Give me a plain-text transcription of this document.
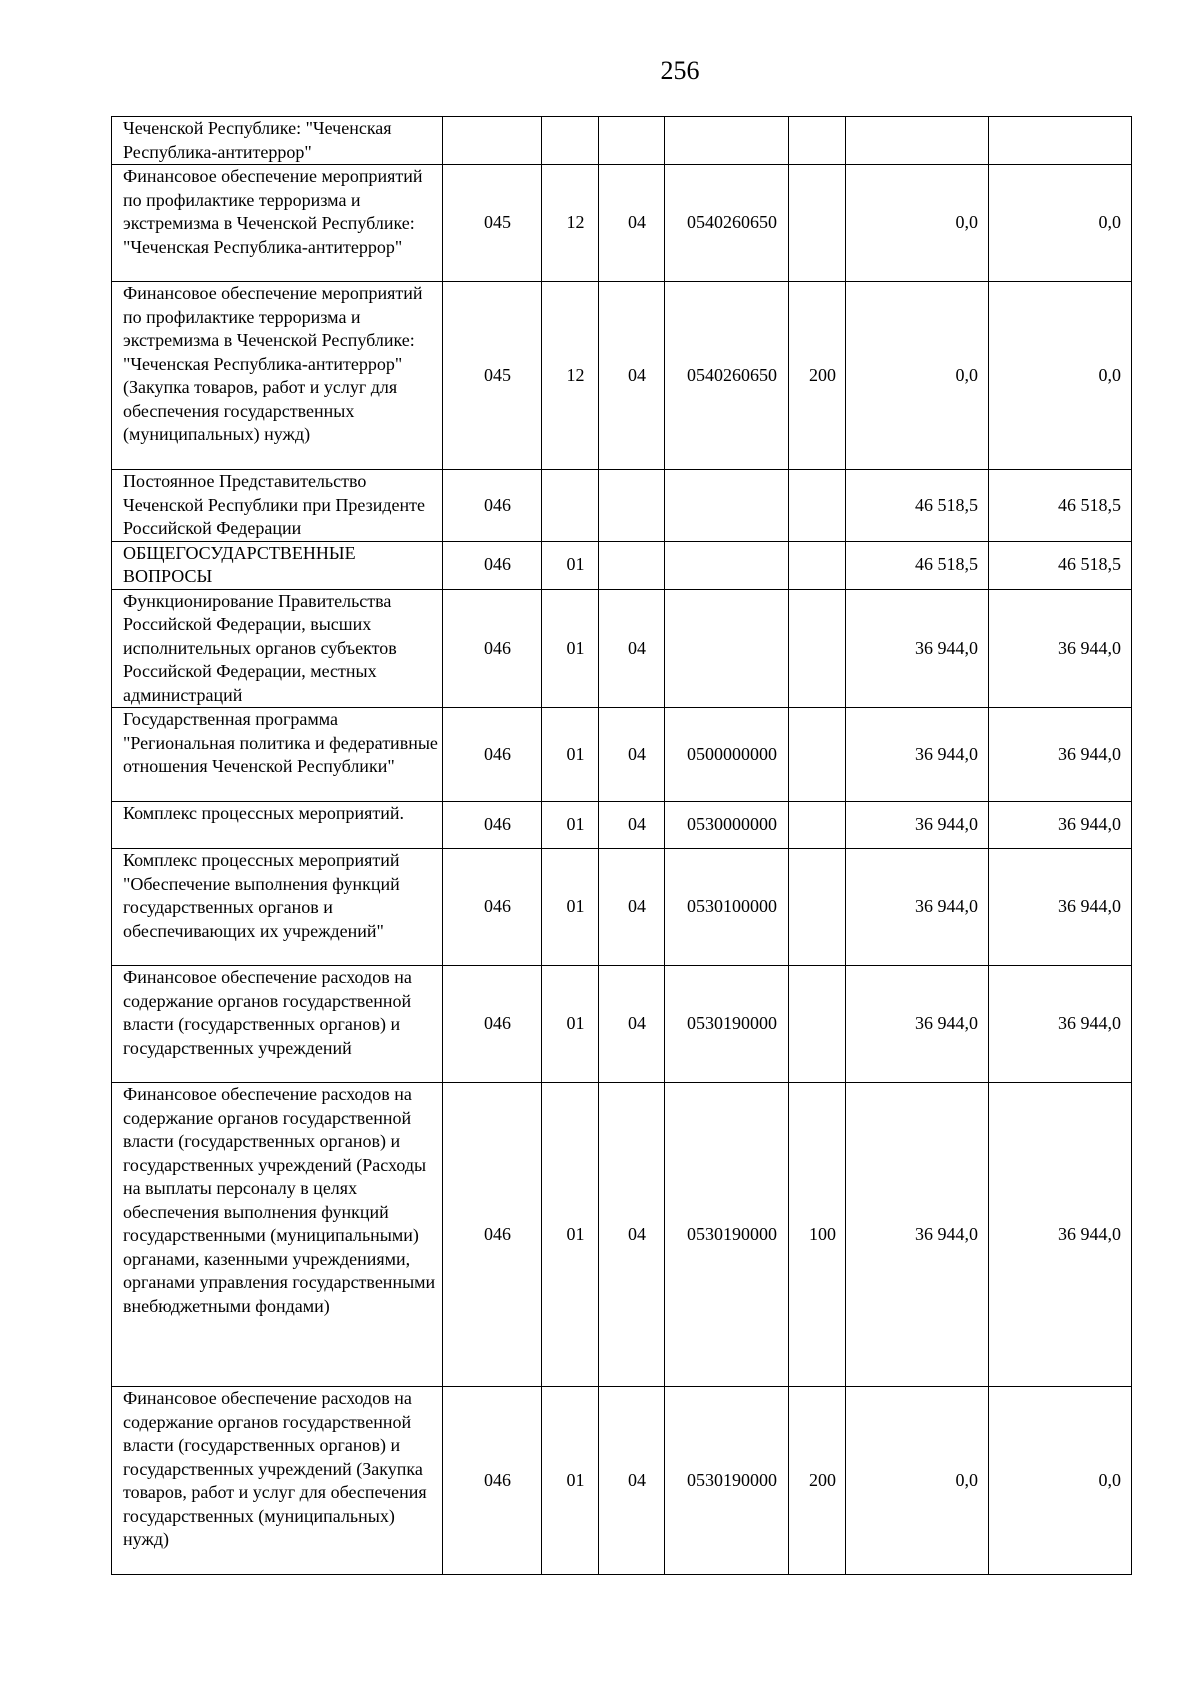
256
Чеченской Республике: "Чеченская Республика-антитеррор"							
Финансовое обеспечение мероприятий по профилактике терроризма и экстремизма в Чеченской Республике: "Чеченская Республика-антитеррор"	045	12	04	0540260650		0,0	0,0
Финансовое обеспечение мероприятий по профилактике терроризма и экстремизма в Чеченской Республике: "Чеченская Республика-антитеррор" (Закупка товаров, работ и услуг для обеспечения государственных (муниципальных) нужд)	045	12	04	0540260650	200	0,0	0,0
Постоянное Представительство Чеченской Республики при Президенте Российской Федерации	046					46 518,5	46 518,5
ОБЩЕГОСУДАРСТВЕННЫЕ ВОПРОСЫ	046	01				46 518,5	46 518,5
Функционирование Правительства Российской Федерации, высших исполнительных органов субъектов Российской Федерации, местных администраций	046	01	04			36 944,0	36 944,0
Государственная программа "Региональная политика и федеративные отношения Чеченской Республики"	046	01	04	0500000000		36 944,0	36 944,0
Комплекс процессных мероприятий.	046	01	04	0530000000		36 944,0	36 944,0
Комплекс процессных мероприятий "Обеспечение выполнения функций государственных органов и обеспечивающих их учреждений"	046	01	04	0530100000		36 944,0	36 944,0
Финансовое обеспечение расходов на содержание органов государственной власти (государственных органов) и государственных учреждений	046	01	04	0530190000		36 944,0	36 944,0
Финансовое обеспечение расходов на содержание органов государственной власти (государственных органов) и государственных учреждений (Расходы на выплаты персоналу в целях обеспечения выполнения функций государственными (муниципальными) органами, казенными учреждениями, органами управления государственными внебюджетными фондами)	046	01	04	0530190000	100	36 944,0	36 944,0
Финансовое обеспечение расходов на содержание органов государственной власти (государственных органов) и государственных учреждений (Закупка товаров, работ и услуг для обеспечения государственных (муниципальных) нужд)	046	01	04	0530190000	200	0,0	0,0
